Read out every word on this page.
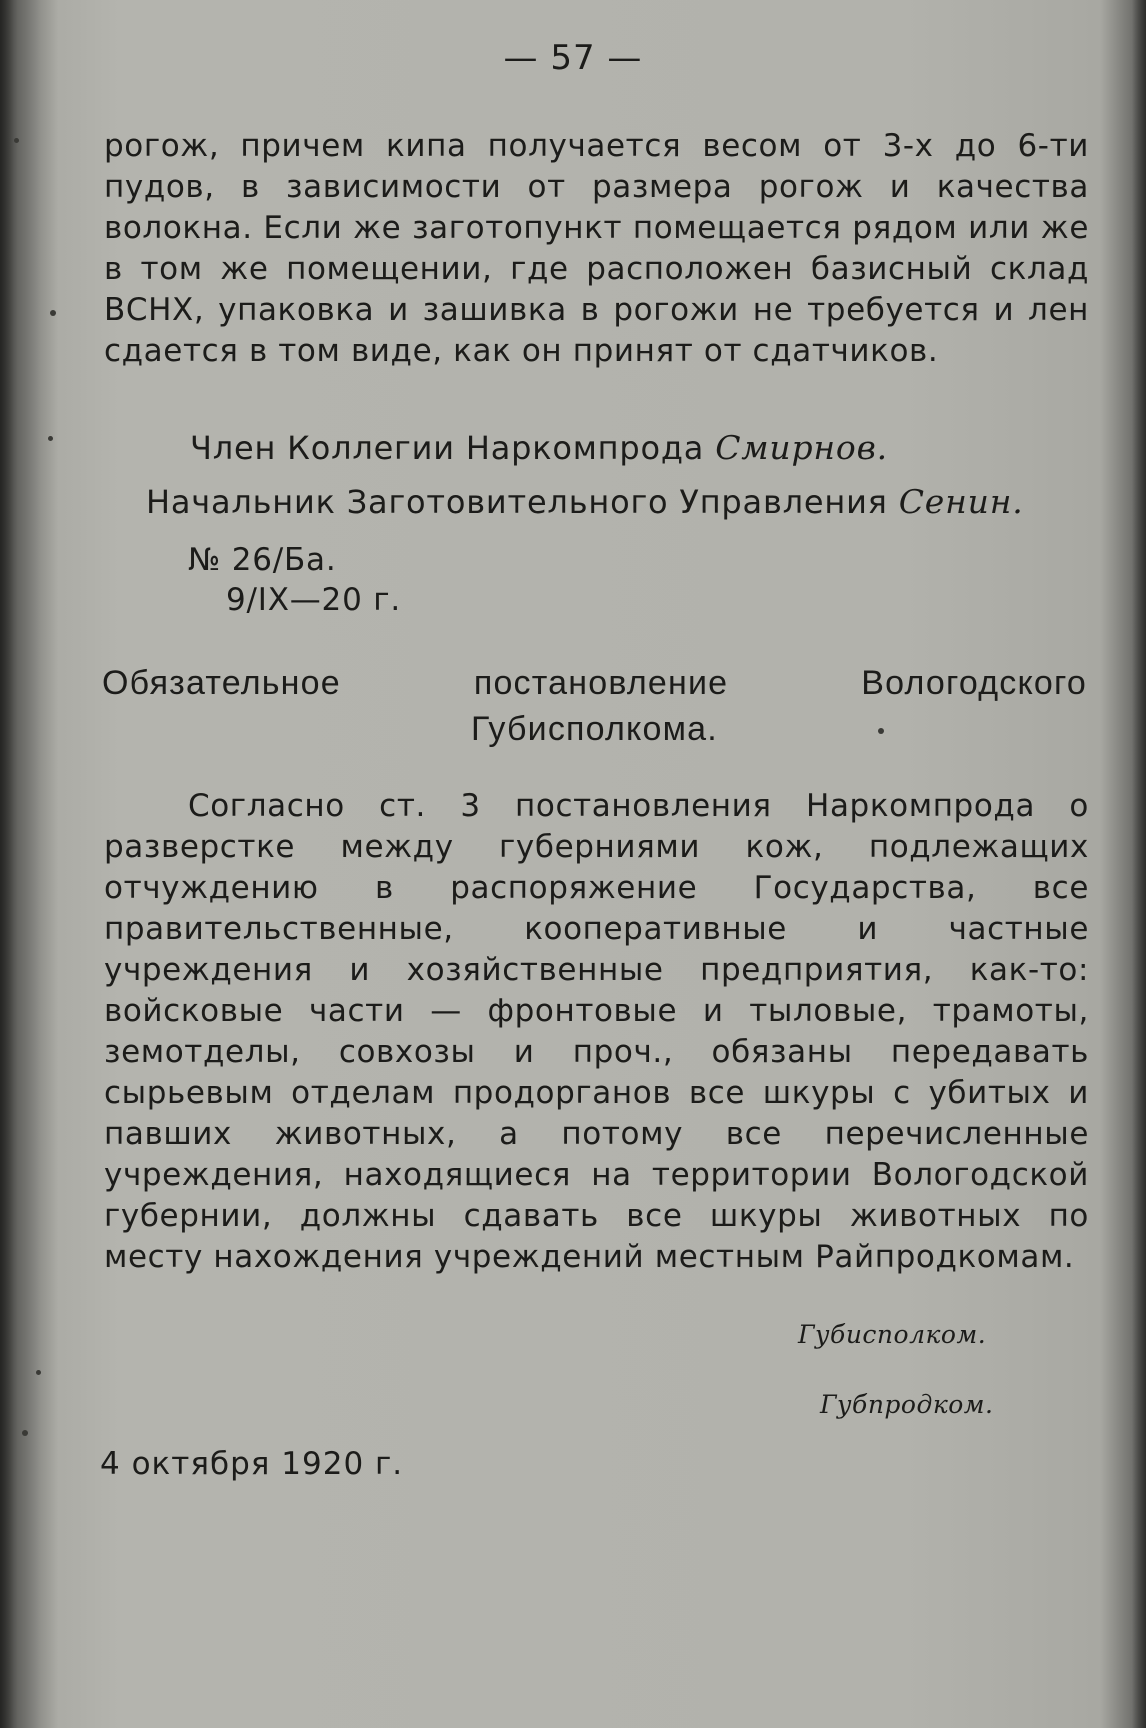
— 57 —
рогож, причем кипа получается весом от 3-х до 6-ти пудов, в зависимости от размера рогож и качества волокна. Если же заготопункт помещается рядом или же в том же помещении, где расположен базисный склад ВСНХ, упаковка и зашивка в рогожи не требуется и лен сдается в том виде, как он принят от сдатчиков.
Член Коллегии Наркомпрода Смирнов.
Начальник Заготовительного Управления Сенин.
№ 26/Ба.
9/IX—20 г.
Обязательное постановление Вологодского Губисполкома.
Согласно ст. 3 постановления Наркомпрода о разверстке между губерниями кож, подлежащих отчуждению в распоряжение Государства, все правительственные, кооперативные и частные учреждения и хозяйственные предприятия, как-то: войсковые части — фронтовые и тыловые, трамоты, земотделы, совхозы и проч., обязаны передавать сырьевым отделам продорганов все шкуры с убитых и павших животных, а потому все перечисленные учреждения, находящиеся на территории Вологодской губернии, должны сдавать все шкуры животных по месту нахождения учреждений местным Райпродкомам.
Губисполком.
Губпродком.
4 октября 1920 г.
